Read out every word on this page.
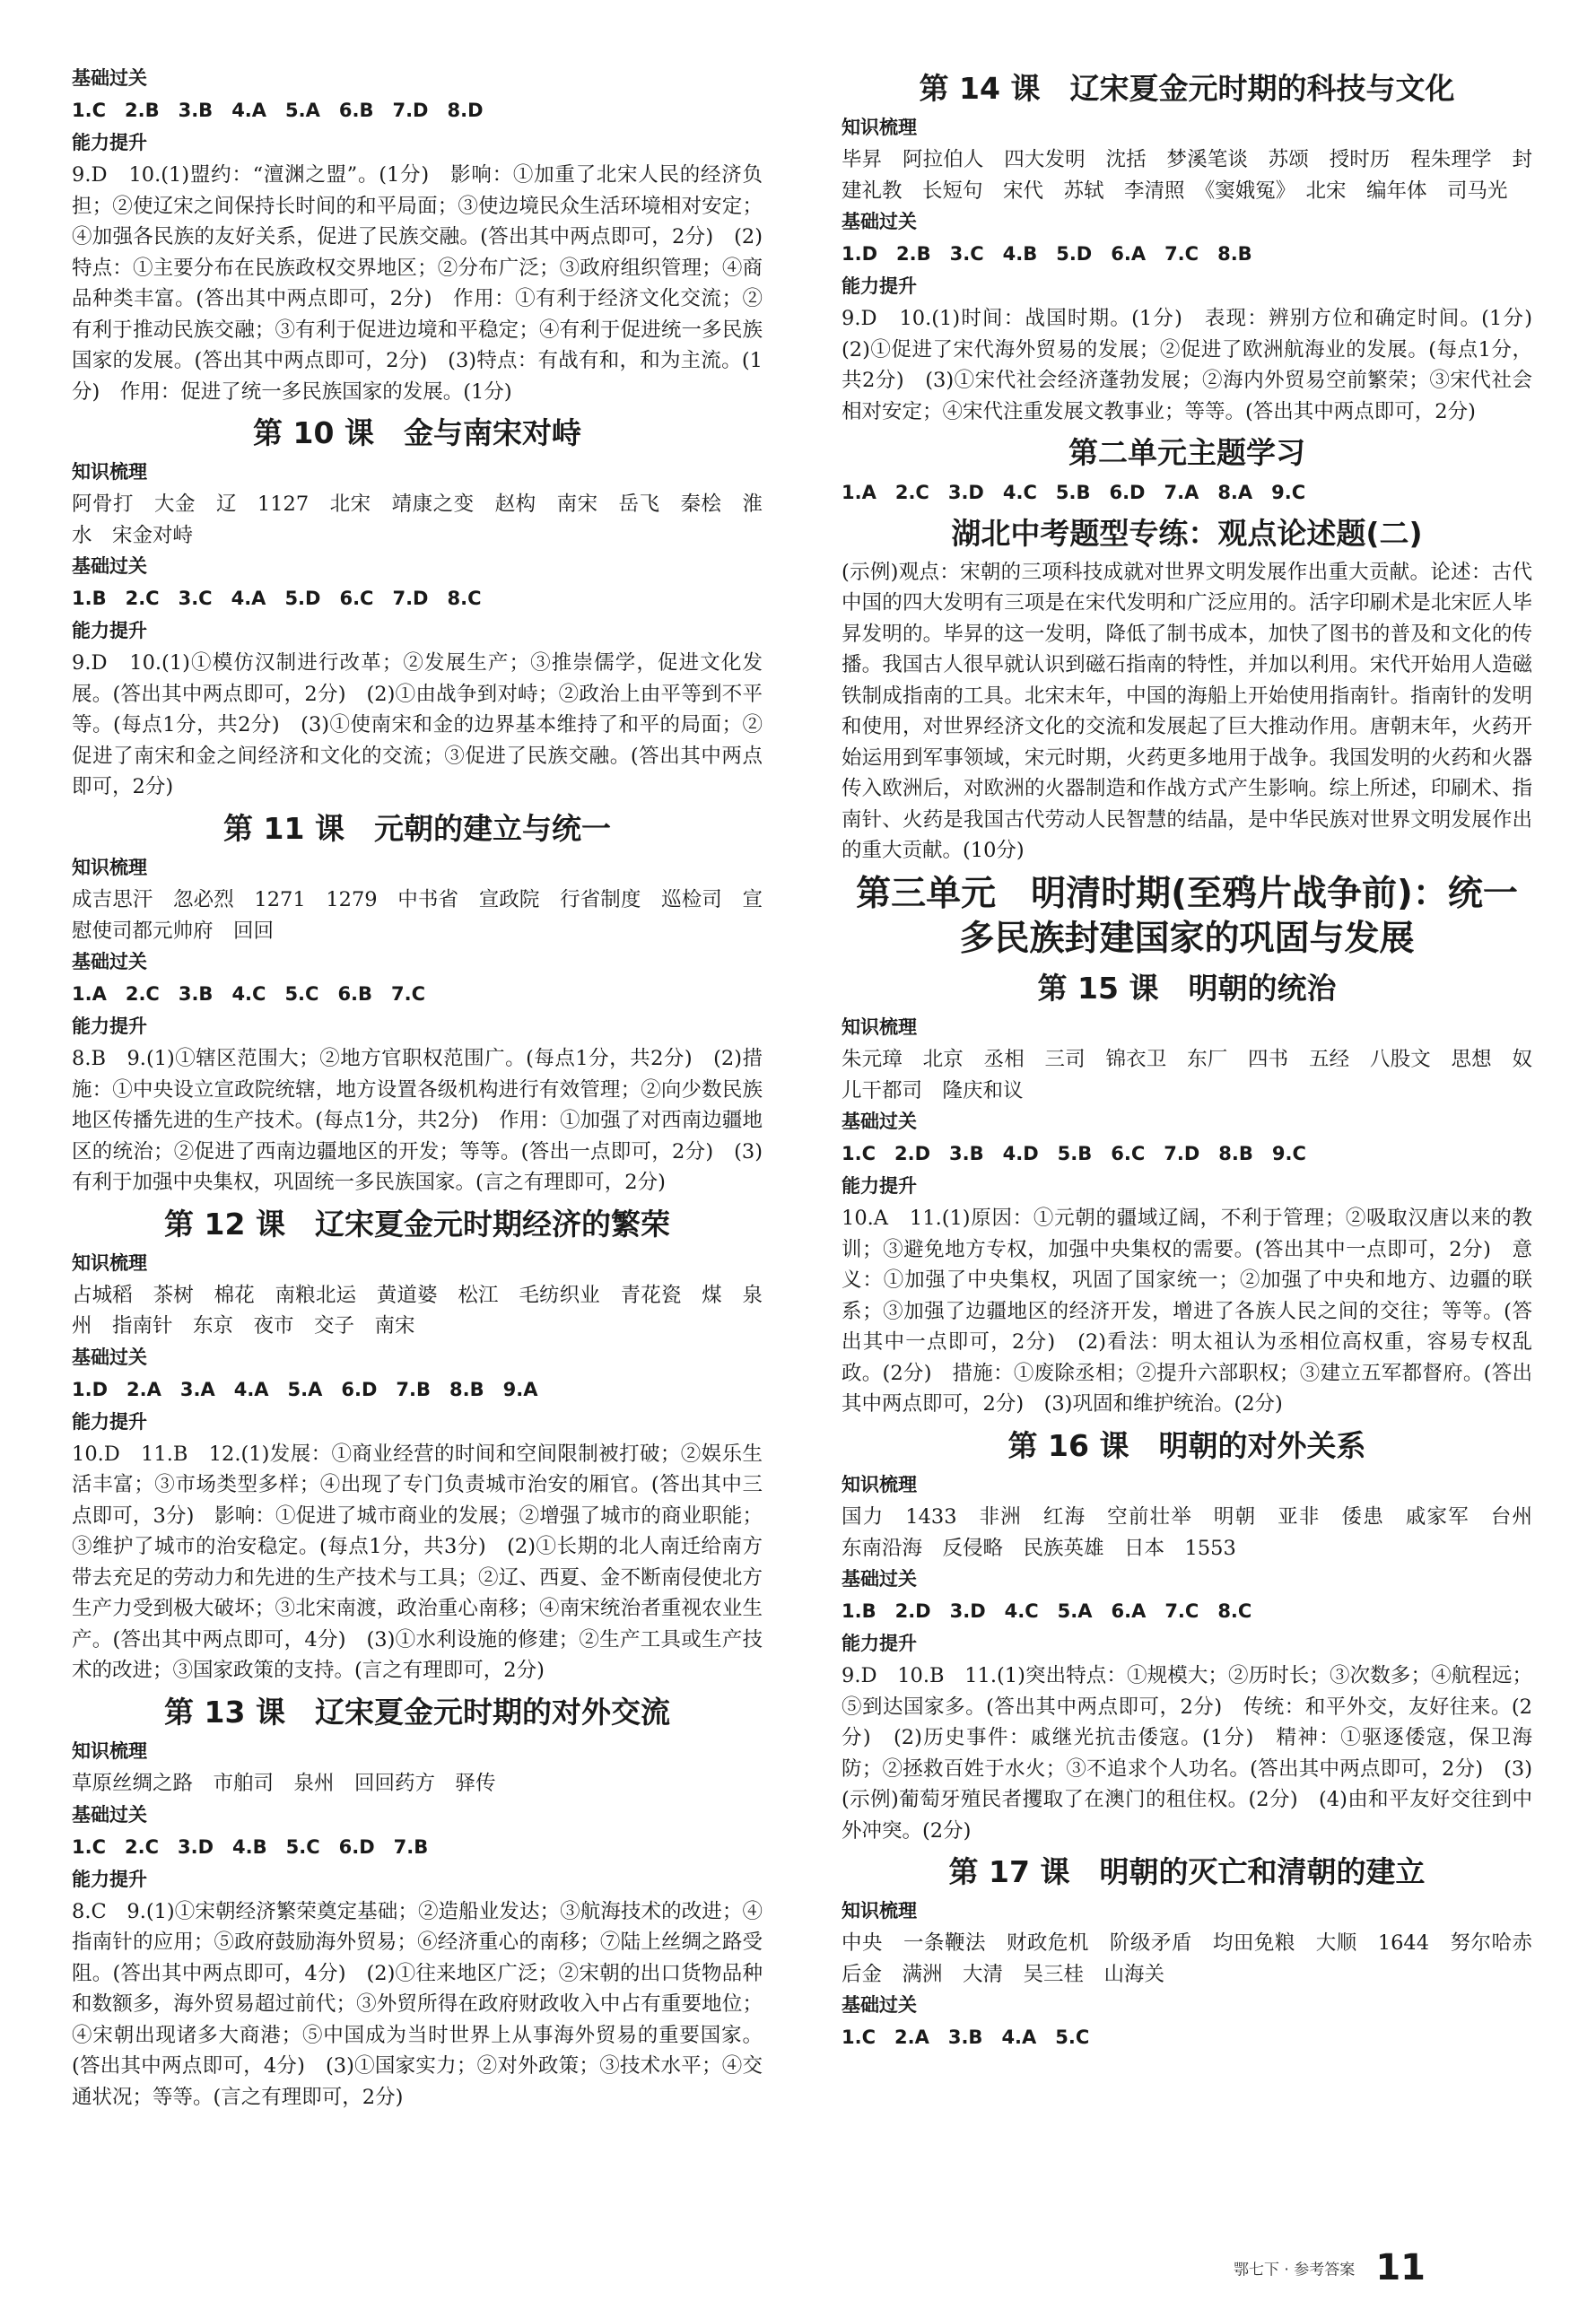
基础过关
1.C　2.B　3.B　4.A　5.A　6.B　7.D　8.D
能力提升
9.D　10.(1)盟约：“澶渊之盟”。(1分)　影响：①加重了北宋人民的经济负担；②使辽宋之间保持长时间的和平局面；③使边境民众生活环境相对安定；④加强各民族的友好关系，促进了民族交融。(答出其中两点即可，2分)　(2)特点：①主要分布在民族政权交界地区；②分布广泛；③政府组织管理；④商品种类丰富。(答出其中两点即可，2分)　作用：①有利于经济文化交流；②有利于推动民族交融；③有利于促进边境和平稳定；④有利于促进统一多民族国家的发展。(答出其中两点即可，2分)　(3)特点：有战有和，和为主流。(1分)　作用：促进了统一多民族国家的发展。(1分)
第 10 课　金与南宋对峙
知识梳理
阿骨打　大金　辽　1127　北宋　靖康之变　赵构　南宋　岳飞　秦桧　淮水　宋金对峙
基础过关
1.B　2.C　3.C　4.A　5.D　6.C　7.D　8.C
能力提升
9.D　10.(1)①模仿汉制进行改革；②发展生产；③推崇儒学，促进文化发展。(答出其中两点即可，2分)　(2)①由战争到对峙；②政治上由平等到不平等。(每点1分，共2分)　(3)①使南宋和金的边界基本维持了和平的局面；②促进了南宋和金之间经济和文化的交流；③促进了民族交融。(答出其中两点即可，2分)
第 11 课　元朝的建立与统一
知识梳理
成吉思汗　忽必烈　1271　1279　中书省　宣政院　行省制度　巡检司　宣慰使司都元帅府　回回
基础过关
1.A　2.C　3.B　4.C　5.C　6.B　7.C
能力提升
8.B　9.(1)①辖区范围大；②地方官职权范围广。(每点1分，共2分)　(2)措施：①中央设立宣政院统辖，地方设置各级机构进行有效管理；②向少数民族地区传播先进的生产技术。(每点1分，共2分)　作用：①加强了对西南边疆地区的统治；②促进了西南边疆地区的开发；等等。(答出一点即可，2分)　(3)有利于加强中央集权，巩固统一多民族国家。(言之有理即可，2分)
第 12 课　辽宋夏金元时期经济的繁荣
知识梳理
占城稻　茶树　棉花　南粮北运　黄道婆　松江　毛纺织业　青花瓷　煤　泉州　指南针　东京　夜市　交子　南宋
基础过关
1.D　2.A　3.A　4.A　5.A　6.D　7.B　8.B　9.A
能力提升
10.D　11.B　12.(1)发展：①商业经营的时间和空间限制被打破；②娱乐生活丰富；③市场类型多样；④出现了专门负责城市治安的厢官。(答出其中三点即可，3分)　影响：①促进了城市商业的发展；②增强了城市的商业职能；③维护了城市的治安稳定。(每点1分，共3分)　(2)①长期的北人南迁给南方带去充足的劳动力和先进的生产技术与工具；②辽、西夏、金不断南侵使北方生产力受到极大破坏；③北宋南渡，政治重心南移；④南宋统治者重视农业生产。(答出其中两点即可，4分)　(3)①水利设施的修建；②生产工具或生产技术的改进；③国家政策的支持。(言之有理即可，2分)
第 13 课　辽宋夏金元时期的对外交流
知识梳理
草原丝绸之路　市舶司　泉州　回回药方　驿传
基础过关
1.C　2.C　3.D　4.B　5.C　6.D　7.B
能力提升
8.C　9.(1)①宋朝经济繁荣奠定基础；②造船业发达；③航海技术的改进；④指南针的应用；⑤政府鼓励海外贸易；⑥经济重心的南移；⑦陆上丝绸之路受阻。(答出其中两点即可，4分)　(2)①往来地区广泛；②宋朝的出口货物品种和数额多，海外贸易超过前代；③外贸所得在政府财政收入中占有重要地位；④宋朝出现诸多大商港；⑤中国成为当时世界上从事海外贸易的重要国家。(答出其中两点即可，4分)　(3)①国家实力；②对外政策；③技术水平；④交通状况；等等。(言之有理即可，2分)
第 14 课　辽宋夏金元时期的科技与文化
知识梳理
毕昇　阿拉伯人　四大发明　沈括　梦溪笔谈　苏颂　授时历　程朱理学　封建礼教　长短句　宋代　苏轼　李清照　《窦娥冤》　北宋　编年体　司马光
基础过关
1.D　2.B　3.C　4.B　5.D　6.A　7.C　8.B
能力提升
9.D　10.(1)时间：战国时期。(1分)　表现：辨别方位和确定时间。(1分)　(2)①促进了宋代海外贸易的发展；②促进了欧洲航海业的发展。(每点1分，共2分)　(3)①宋代社会经济蓬勃发展；②海内外贸易空前繁荣；③宋代社会相对安定；④宋代注重发展文教事业；等等。(答出其中两点即可，2分)
第二单元主题学习
1.A　2.C　3.D　4.C　5.B　6.D　7.A　8.A　9.C
湖北中考题型专练：观点论述题(二)
(示例)观点：宋朝的三项科技成就对世界文明发展作出重大贡献。论述：古代中国的四大发明有三项是在宋代发明和广泛应用的。活字印刷术是北宋匠人毕昇发明的。毕昇的这一发明，降低了制书成本，加快了图书的普及和文化的传播。我国古人很早就认识到磁石指南的特性，并加以利用。宋代开始用人造磁铁制成指南的工具。北宋末年，中国的海船上开始使用指南针。指南针的发明和使用，对世界经济文化的交流和发展起了巨大推动作用。唐朝末年，火药开始运用到军事领域，宋元时期，火药更多地用于战争。我国发明的火药和火器传入欧洲后，对欧洲的火器制造和作战方式产生影响。综上所述，印刷术、指南针、火药是我国古代劳动人民智慧的结晶，是中华民族对世界文明发展作出的重大贡献。(10分)
第三单元　明清时期(至鸦片战争前)：统一多民族封建国家的巩固与发展
第 15 课　明朝的统治
知识梳理
朱元璋　北京　丞相　三司　锦衣卫　东厂　四书　五经　八股文　思想　奴儿干都司　隆庆和议
基础过关
1.C　2.D　3.B　4.D　5.B　6.C　7.D　8.B　9.C
能力提升
10.A　11.(1)原因：①元朝的疆域辽阔，不利于管理；②吸取汉唐以来的教训；③避免地方专权，加强中央集权的需要。(答出其中一点即可，2分)　意义：①加强了中央集权，巩固了国家统一；②加强了中央和地方、边疆的联系；③加强了边疆地区的经济开发，增进了各族人民之间的交往；等等。(答出其中一点即可，2分)　(2)看法：明太祖认为丞相位高权重，容易专权乱政。(2分)　措施：①废除丞相；②提升六部职权；③建立五军都督府。(答出其中两点即可，2分)　(3)巩固和维护统治。(2分)
第 16 课　明朝的对外关系
知识梳理
国力　1433　非洲　红海　空前壮举　明朝　亚非　倭患　戚家军　台州　东南沿海　反侵略　民族英雄　日本　1553
基础过关
1.B　2.D　3.D　4.C　5.A　6.A　7.C　8.C
能力提升
9.D　10.B　11.(1)突出特点：①规模大；②历时长；③次数多；④航程远；⑤到达国家多。(答出其中两点即可，2分)　传统：和平外交，友好往来。(2分)　(2)历史事件：戚继光抗击倭寇。(1分)　精神：①驱逐倭寇，保卫海防；②拯救百姓于水火；③不追求个人功名。(答出其中两点即可，2分)　(3)(示例)葡萄牙殖民者攫取了在澳门的租住权。(2分)　(4)由和平友好交往到中外冲突。(2分)
第 17 课　明朝的灭亡和清朝的建立
知识梳理
中央　一条鞭法　财政危机　阶级矛盾　均田免粮　大顺　1644　努尔哈赤　后金　满洲　大清　吴三桂　山海关
基础过关
1.C　2.A　3.B　4.A　5.C
鄂七下 · 参考答案 11
